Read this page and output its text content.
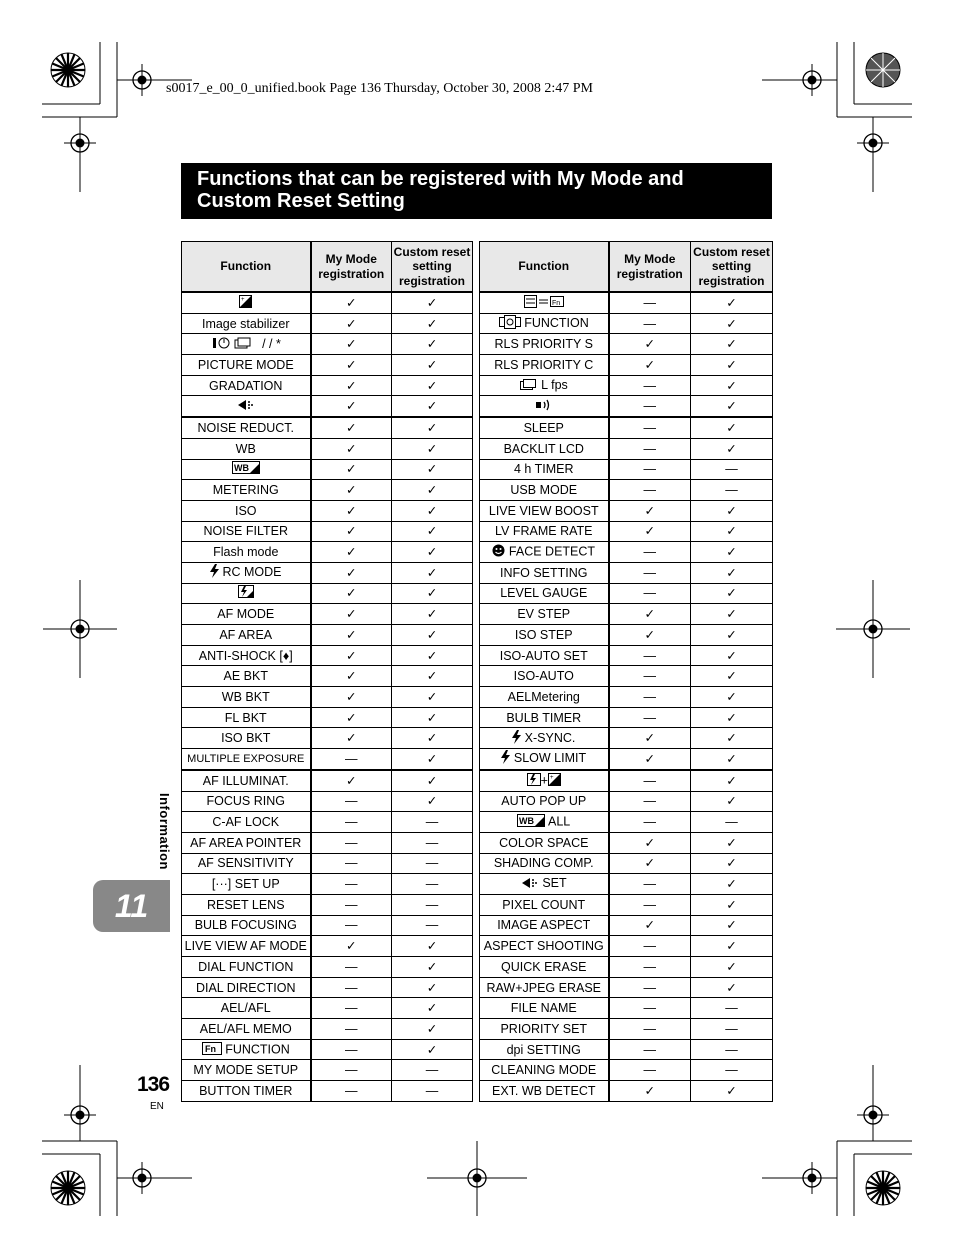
s0017_e_00_0_unified.book Page 136 Thursday, October 30, 2008 2:47 PM
Functions that can be registered with My Mode and Custom Reset Setting
Function	My Mode registration	Custom reset setting registration

+	✓	✓
Image stabilizer	✓	✓
/ / *	✓	✓
PICTURE MODE	✓	✓
GRADATION	✓	✓
	✓	✓
NOISE REDUCT.	✓	✓
WB	✓	✓

WB	✓	✓
METERING	✓	✓
ISO	✓	✓
NOISE FILTER	✓	✓
Flash mode	✓	✓
RC MODE	✓	✓
	✓	✓
AF MODE	✓	✓
AF AREA	✓	✓
ANTI-SHOCK [♦]	✓	✓
AE BKT	✓	✓
WB BKT	✓	✓
FL BKT	✓	✓
ISO BKT	✓	✓
MULTIPLE EXPOSURE	—	✓
AF ILLUMINAT.	✓	✓
FOCUS RING	—	✓
C-AF LOCK	—	—
AF AREA POINTER	—	—
AF SENSITIVITY	—	—
[···] SET UP	—	—
RESET LENS	—	—
BULB FOCUSING	—	—
LIVE VIEW AF MODE	✓	✓
DIAL FUNCTION	—	✓
DIAL DIRECTION	—	✓
AEL/AFL	—	✓
AEL/AFL MEMO	—	✓

Fn FUNCTION	—	✓
MY MODE SETUP	—	—
BUTTON TIMER	—	—
Function	My Mode registration	Custom reset setting registration

Fn	—	✓
FUNCTION	—	✓
RLS PRIORITY S	✓	✓
RLS PRIORITY C	✓	✓
L fps	—	✓
	—	✓
SLEEP	—	✓
BACKLIT LCD	—	✓
4 h TIMER	—	—
USB MODE	—	—
LIVE VIEW BOOST	✓	✓
LV FRAME RATE	✓	✓
FACE DETECT	—	✓
INFO SETTING	—	✓
LEVEL GAUGE	—	✓
EV STEP	✓	✓
ISO STEP	✓	✓
ISO-AUTO SET	—	✓
ISO-AUTO	—	✓
AELMetering	—	✓
BULB TIMER	—	✓
X-SYNC.	✓	✓
SLOW LIMIT	✓	✓
+ +	—	✓
AUTO POP UP	—	✓

WB ALL	—	—
COLOR SPACE	✓	✓
SHADING COMP.	✓	✓
SET	—	✓
PIXEL COUNT	—	✓
IMAGE ASPECT	✓	✓
ASPECT SHOOTING	—	✓
QUICK ERASE	—	✓
RAW+JPEG ERASE	—	✓
FILE NAME	—	—
PRIORITY SET	—	—
dpi SETTING	—	—
CLEANING MODE	—	—
EXT. WB DETECT	✓	✓
Information
11
136
EN
